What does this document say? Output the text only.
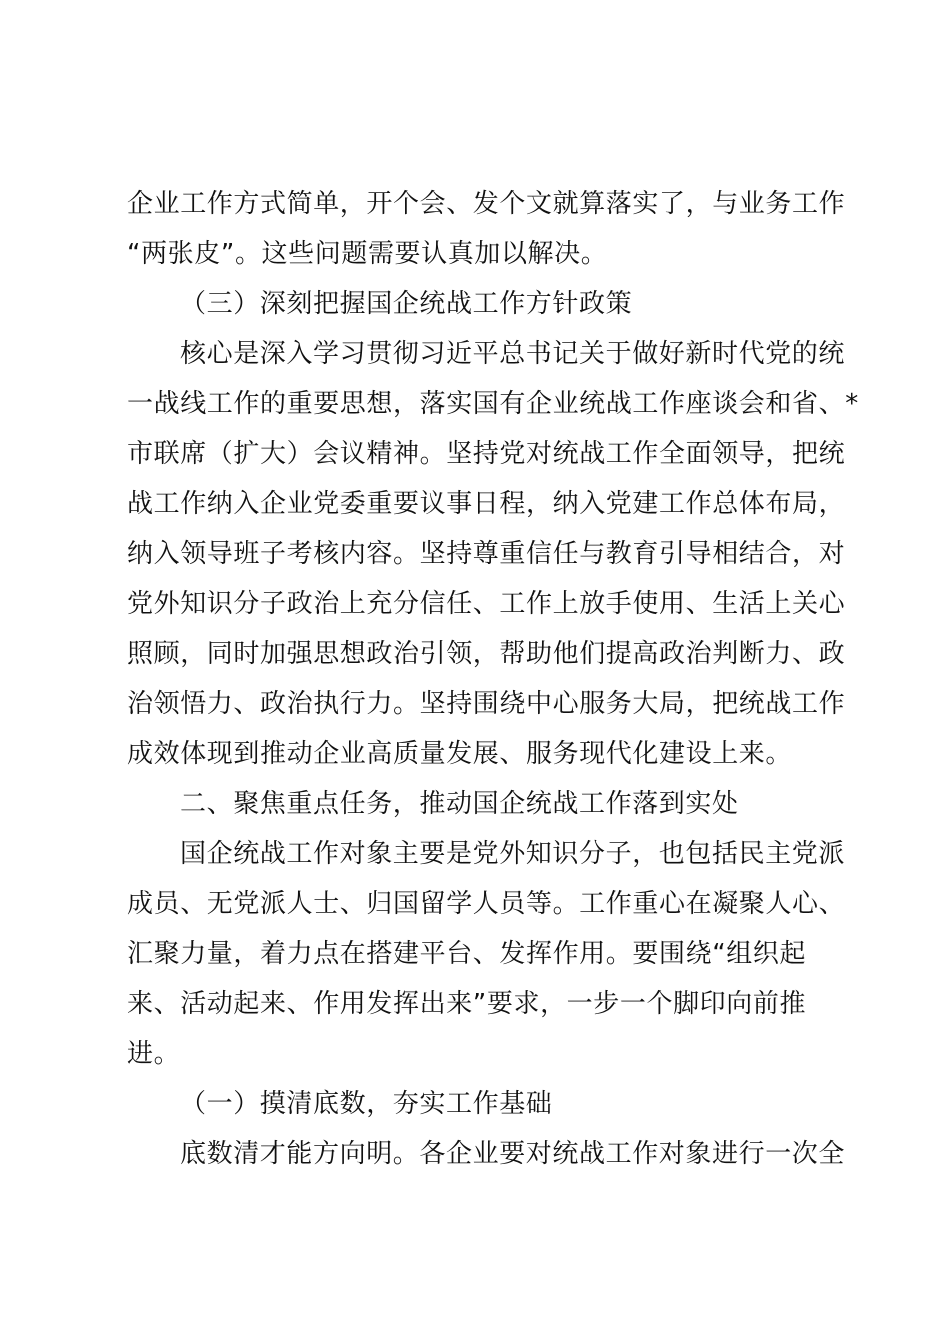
企业工作方式简单，开个会、发个文就算落实了，与业务工作
“两张皮”。这些问题需要认真加以解决。
（三）深刻把握国企统战工作方针政策
核心是深入学习贯彻习近平总书记关于做好新时代党的统
一战线工作的重要思想，落实国有企业统战工作座谈会和省、*
市联席（扩大）会议精神。坚持党对统战工作全面领导，把统
战工作纳入企业党委重要议事日程，纳入党建工作总体布局，
纳入领导班子考核内容。坚持尊重信任与教育引导相结合，对
党外知识分子政治上充分信任、工作上放手使用、生活上关心
照顾，同时加强思想政治引领，帮助他们提高政治判断力、政
治领悟力、政治执行力。坚持围绕中心服务大局，把统战工作
成效体现到推动企业高质量发展、服务现代化建设上来。
二、聚焦重点任务，推动国企统战工作落到实处
国企统战工作对象主要是党外知识分子，也包括民主党派
成员、无党派人士、归国留学人员等。工作重心在凝聚人心、
汇聚力量，着力点在搭建平台、发挥作用。要围绕“组织起
来、活动起来、作用发挥出来”要求，一步一个脚印向前推
进。
（一）摸清底数，夯实工作基础
底数清才能方向明。各企业要对统战工作对象进行一次全
